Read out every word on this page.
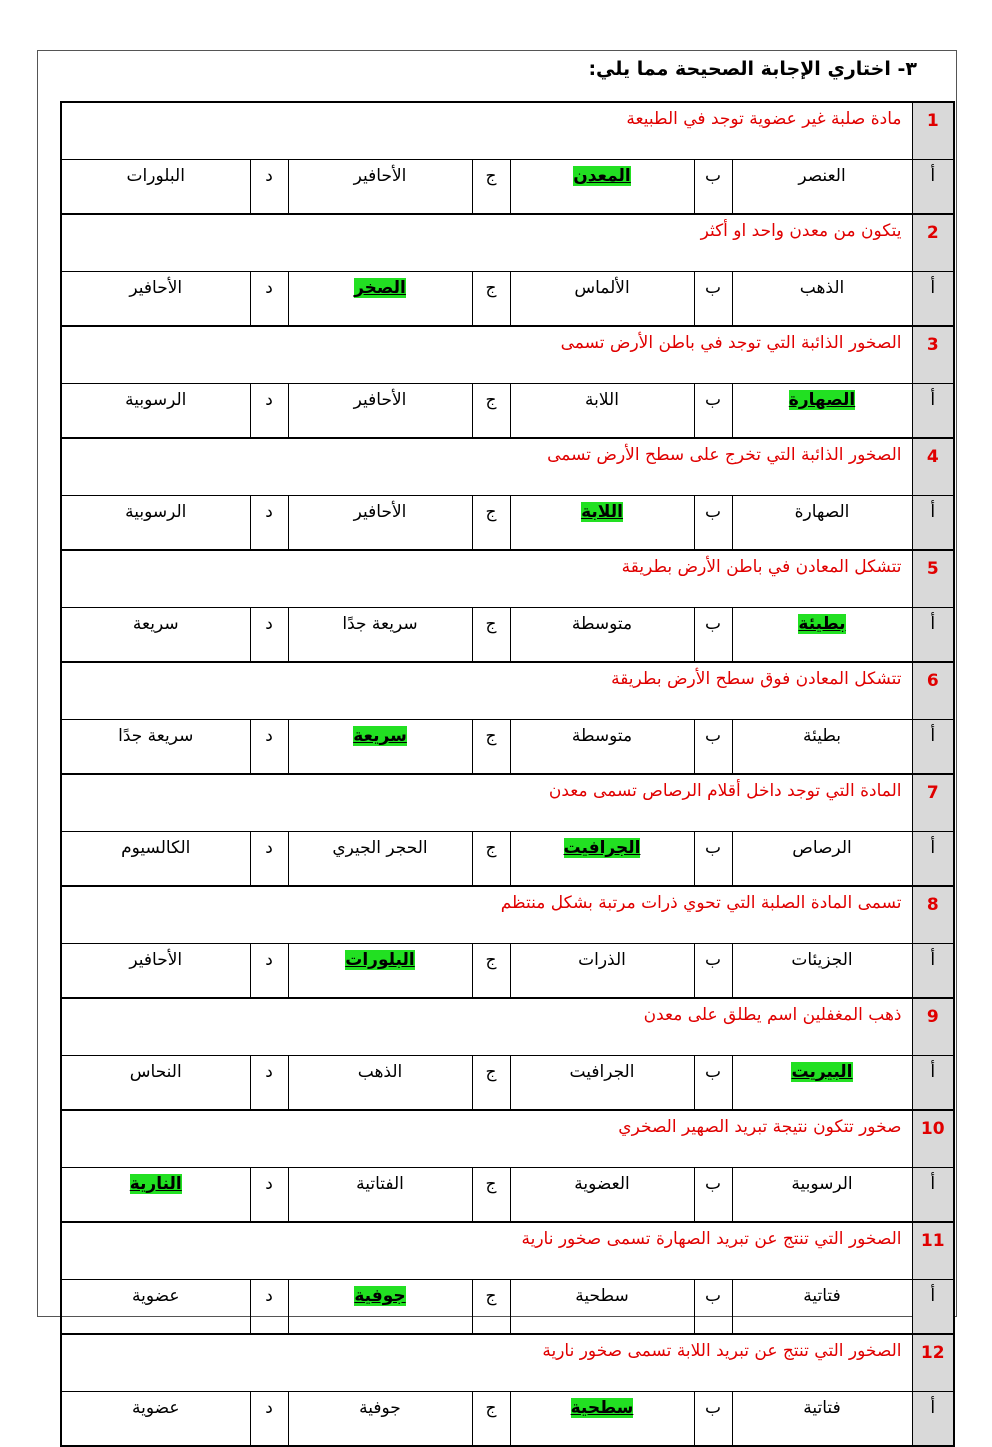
٣- اختاري الإجابة الصحيحة مما يلي:
1	مادة صلبة غير عضوية توجد في الطبيعة						
أ	العنصر	ب	المعدن	ج	الأحافير	د	البلورات
2	يتكون من معدن واحد او أكثر						
أ	الذهب	ب	الألماس	ج	الصخر	د	الأحافير
3	الصخور الذائبة التي توجد في باطن الأرض تسمى						
أ	الصهارة	ب	اللابة	ج	الأحافير	د	الرسوبية
4	الصخور الذائبة التي تخرج على سطح الأرض تسمى						
أ	الصهارة	ب	اللابة	ج	الأحافير	د	الرسوبية
5	تتشكل المعادن في باطن الأرض بطريقة						
أ	بطيئة	ب	متوسطة	ج	سريعة جدًا	د	سريعة
6	تتشكل المعادن فوق سطح الأرض بطريقة						
أ	بطيئة	ب	متوسطة	ج	سريعة	د	سريعة جدًا
7	المادة التي توجد داخل أقلام الرصاص تسمى معدن						
أ	الرصاص	ب	الجرافيت	ج	الحجر الجيري	د	الكالسيوم
8	تسمى المادة الصلبة التي تحوي ذرات مرتبة بشكل منتظم						
أ	الجزيئات	ب	الذرات	ج	البلورات	د	الأحافير
9	ذهب المغفلين اسم يطلق على معدن						
أ	البيريت	ب	الجرافيت	ج	الذهب	د	النحاس
10	صخور تتكون نتيجة تبريد الصهير الصخري						
أ	الرسوبية	ب	العضوية	ج	الفتاتية	د	النارية
11	الصخور التي تنتج عن تبريد الصهارة تسمى صخور نارية						
أ	فتاتية	ب	سطحية	ج	جوفية	د	عضوية
12	الصخور التي تنتج عن تبريد اللابة تسمى صخور نارية						
أ	فتاتية	ب	سطحية	ج	جوفية	د	عضوية
